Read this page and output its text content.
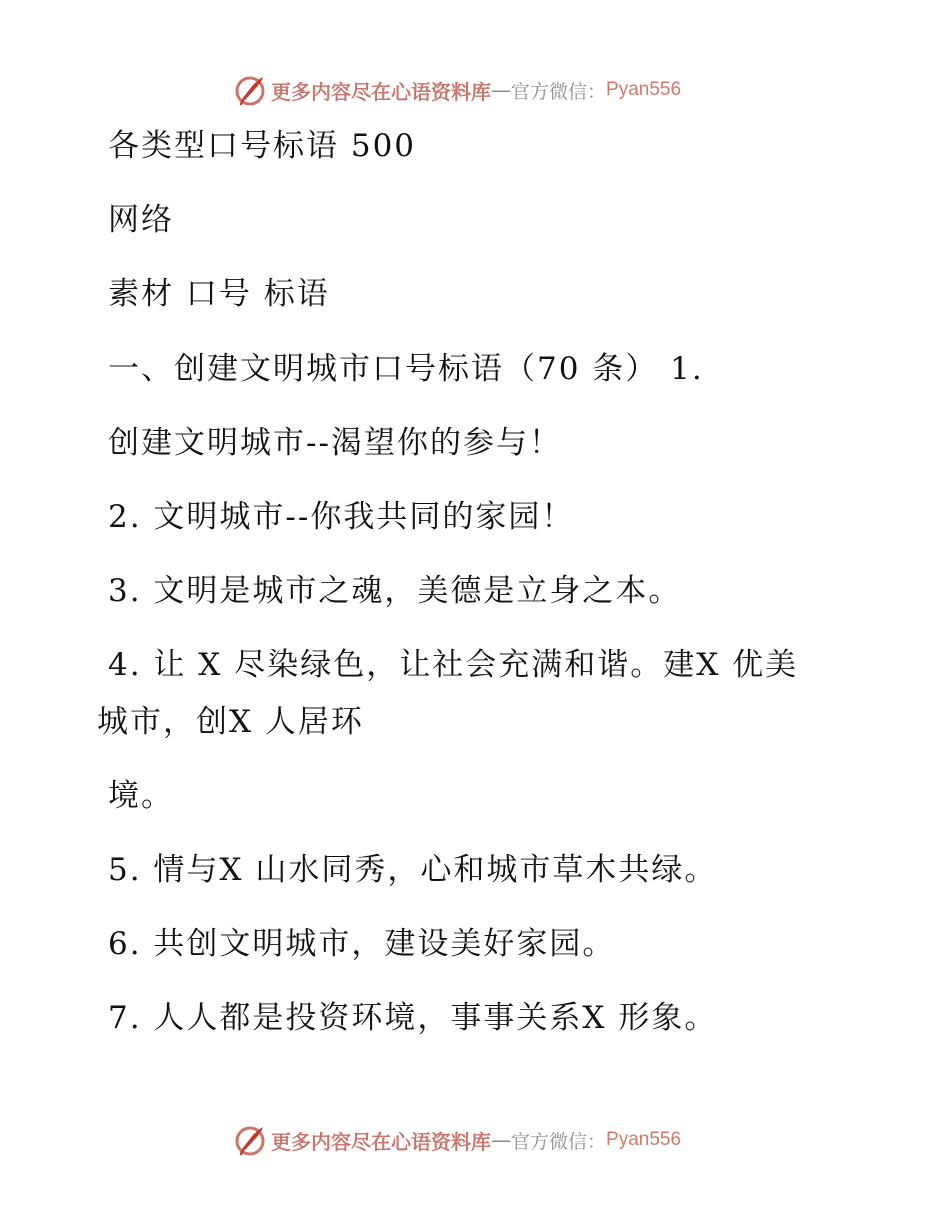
更多内容尽在心语资料库 — 官方微信： Pyan556
各类型口号标语 500
网络
素材 口号 标语
一、创建文明城市口号标语（70 条） 1.
创建文明城市--渴望你的参与！
2. 文明城市--你我共同的家园！
3. 文明是城市之魂，美德是立身之本。
4. 让 X 尽染绿色，让社会充满和谐。建X 优美
城市，创X 人居环
境。
5. 情与X 山水同秀，心和城市草木共绿。
6. 共创文明城市，建设美好家园。
7. 人人都是投资环境，事事关系X 形象。
更多内容尽在心语资料库 — 官方微信： Pyan556
